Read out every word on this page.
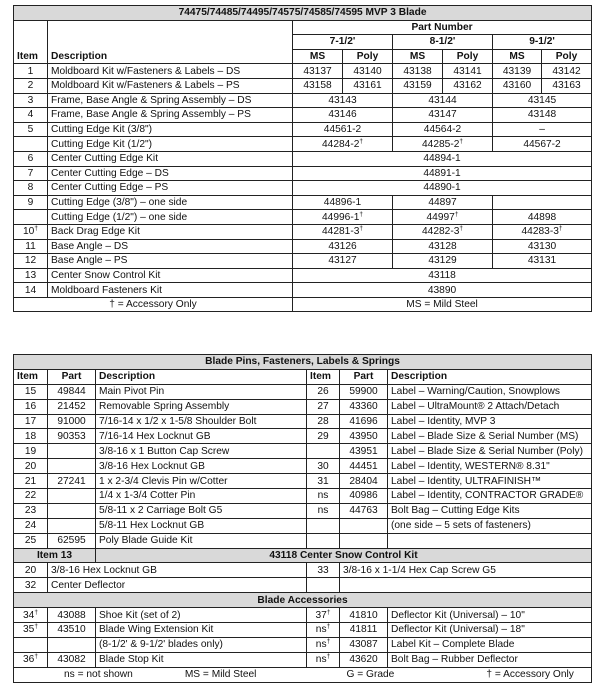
74475/74485/74495/74575/74585/74595 MVP 3 Blade							
		Part Number					
		7-1/2'		8-1/2'		9-1/2'	
Item	Description	MS	Poly	MS	Poly	MS	Poly
1	Moldboard Kit w/Fasteners & Labels – DS	43137	43140	43138	43141	43139	43142
2	Moldboard Kit w/Fasteners & Labels – PS	43158	43161	43159	43162	43160	43163
3	Frame, Base Angle & Spring Assembly – DS	43143		43144		43145	
4	Frame, Base Angle & Spring Assembly – PS	43146		43147		43148	
5	Cutting Edge Kit (3/8")	44561-2		44564-2		–	
	Cutting Edge Kit (1/2")	44284-2†		44285-2†		44567-2	
6	Center Cutting Edge Kit	44894-1					
7	Center Cutting Edge – DS	44891-1					
8	Center Cutting Edge – PS	44890-1					
9	Cutting Edge (3/8") – one side	44896-1		44897			
	Cutting Edge (1/2") – one side	44996-1†		44997†		44898	
10†	Back Drag Edge Kit	44281-3†		44282-3†		44283-3†
11	Base Angle – DS	43126		43128		43130	
12	Base Angle – PS	43127		43129		43131	
13	Center Snow Control Kit	43118					
14	Moldboard Fasteners Kit	43890					
† = Accessory Only		MS = Mild Steel					
Blade Pins, Fasteners, Labels & Springs					
Item	Part	Description	Item	Part	Description
15	49844	Main Pivot Pin	26	59900	Label – Warning/Caution, Snowplows
16	21452	Removable Spring Assembly	27	43360	Label – UltraMount® 2 Attach/Detach
17	91000	7/16-14 x 1/2 x 1-5/8 Shoulder Bolt	28	41696	Label – Identity, MVP 3
18	90353	7/16-14 Hex Locknut GB	29	43950	Label – Blade Size & Serial Number (MS)
19		3/8-16 x 1 Button Cap Screw		43951	Label – Blade Size & Serial Number (Poly)
20		3/8-16 Hex Locknut GB	30	44451	Label – Identity, WESTERN® 8.31"
21	27241	1 x 2-3/4 Clevis Pin w/Cotter	31	28404	Label – Identity, ULTRAFINISH™
22		1/4 x 1-3/4 Cotter Pin	ns	40986	Label – Identity, CONTRACTOR GRADE®
23		5/8-11 x 2 Carriage Bolt G5	ns	44763	Bolt Bag – Cutting Edge Kits
24		5/8-11 Hex Locknut GB			(one side – 5 sets of fasteners)
25	62595	Poly Blade Guide Kit			
Item 13		43118 Center Snow Control Kit			
20	3/8-16 Hex Locknut GB		33	3/8-16 x 1-1/4 Hex Cap Screw G5	
32	Center Deflector				
Blade Accessories					
34†	43088	Shoe Kit (set of 2)	37†	41810	Deflector Kit (Universal) – 10"
35†	43510	Blade Wing Extension Kit	ns†	41811	Deflector Kit (Universal) – 18"
		(8-1/2' & 9-1/2' blades only)	ns†	43087	Label Kit – Complete Blade
36†	43082	Blade Stop Kit	ns†	43620	Bolt Bag – Rubber Deflector
ns = not shown MS = Mild Steel			G = Grade † = Accessory Only		
